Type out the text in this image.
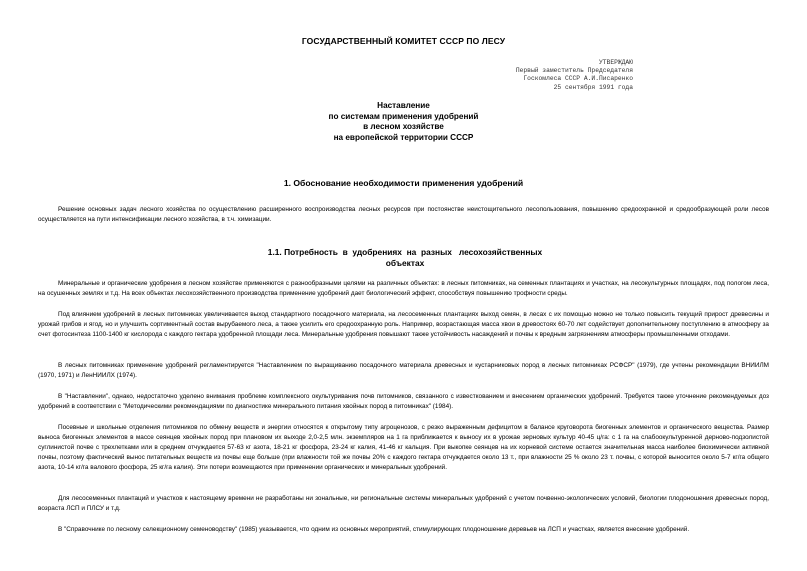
ГОСУДАРСТВЕННЫЙ КОМИТЕТ СССР ПО ЛЕСУ
УТВЕРЖДАЮ
Первый заместитель Председателя
Госкомлеса СССР А.И.Писаренко
25 сентября 1991 года
Наставление
по системам применения удобрений
в лесном хозяйстве
на европейской территории СССР
1. Обоснование необходимости применения удобрений
Решение основных задач лесного хозяйства по осуществлению расширенного воспроизводства лесных ресурсов при постоянстве неистощительного лесопользования, повышению средоохранной и средообразующей роли лесов осуществляется на пути интенсификации лесного хозяйства, в т.ч. химизации.
1.1. Потребность  в  удобрениях  на  разных   лесохозяйственных
объектах
Минеральные и органические удобрения в лесном хозяйстве применяются с разнообразными целями на различных объектах: в лесных питомниках, на семенных плантациях и участках, на лесокультурных площадях, под пологом леса, на осушенных землях и т.д. На всех объектах лесохозяйственного производства применение удобрений дает биологический эффект, способствуя повышению трофности среды.
Под влиянием удобрений в лесных питомниках увеличивается выход стандартного посадочного материала, на лесосеменных плантациях выход семян, в лесах с их помощью можно не только повысить текущий прирост древесины и урожай грибов и ягод, но и улучшить сортиментный состав вырубаемого леса, а также усилить его средоохранную роль. Например, возрастающая масса хвои в древостоях 60-70 лет содействует дополнительному поступлению в атмосферу за счет фотосинтеза 1100-1400 кг кислорода с каждого гектара удобренной площади леса. Минеральные удобрения повышают также устойчивость насаждений и почвы к вредным загрязнениям атмосферы промышленными отходами.
В лесных питомниках применение удобрений регламентируется "Наставлением по выращиванию посадочного материала древесных и кустарниковых пород в лесных питомниках РСФСР" (1979), где учтены рекомендации ВНИИЛМ (1970, 1971) и ЛенНИИЛХ (1974).
В "Наставлении", однако, недостаточно уделено внимания проблеме комплексного окультуривания почв питомников, связанного с известкованием и внесением органических удобрений. Требуется также уточнение рекомендуемых доз удобрений в соответствии с "Методическими рекомендациями по диагностике минерального питания хвойных пород в питомниках" (1984).
Посевные и школьные отделения питомников по обмену веществ и энергии относятся к открытому типу агроценозов, с резко выраженным дефицитом в балансе круговорота биогенных элементов и органического вещества. Размер выноса биогенных элементов в массе сеянцев хвойных пород при плановом их выходе 2,0-2,5 млн. экземпляров на 1 га приближается к выносу их в урожае зерновых культур 40-45 ц/га: с 1 га на слабоокультуренной дерново-подзолистой суглинистой почве с трехлетками или в среднем отчуждается 57-63 кг азота, 18-21 кг фосфора, 23-24 кг калия, 41-46 кг кальция. При выкопке сеянцев на их корневой системе остается значительная масса наиболее биохимически активной почвы, поэтому фактический вынос питательных веществ из почвы еще больше (при влажности той же почвы 20% с каждого гектара отчуждается около 13 т., при влажности 25 % около 23 т. почвы, с которой выносится около 5-7 кг/га общего азота, 10-14 кг/га валового фосфора, 25 кг/га калия). Эти потери возмещаются при применении органических и минеральных удобрений.
Для лесосеменных плантаций и участков к настоящему времени не разработаны ни зональные, ни региональные системы минеральных удобрений с учетом почвенно-экологических условий, биологии плодоношения древесных пород, возраста ЛСП и ПЛСУ и т.д.
В "Справочнике по лесному селекционному семеноводству" (1985) указывается, что одним из основных мероприятий, стимулирующих плодоношение деревьев на ЛСП и участках, является внесение удобрений.
